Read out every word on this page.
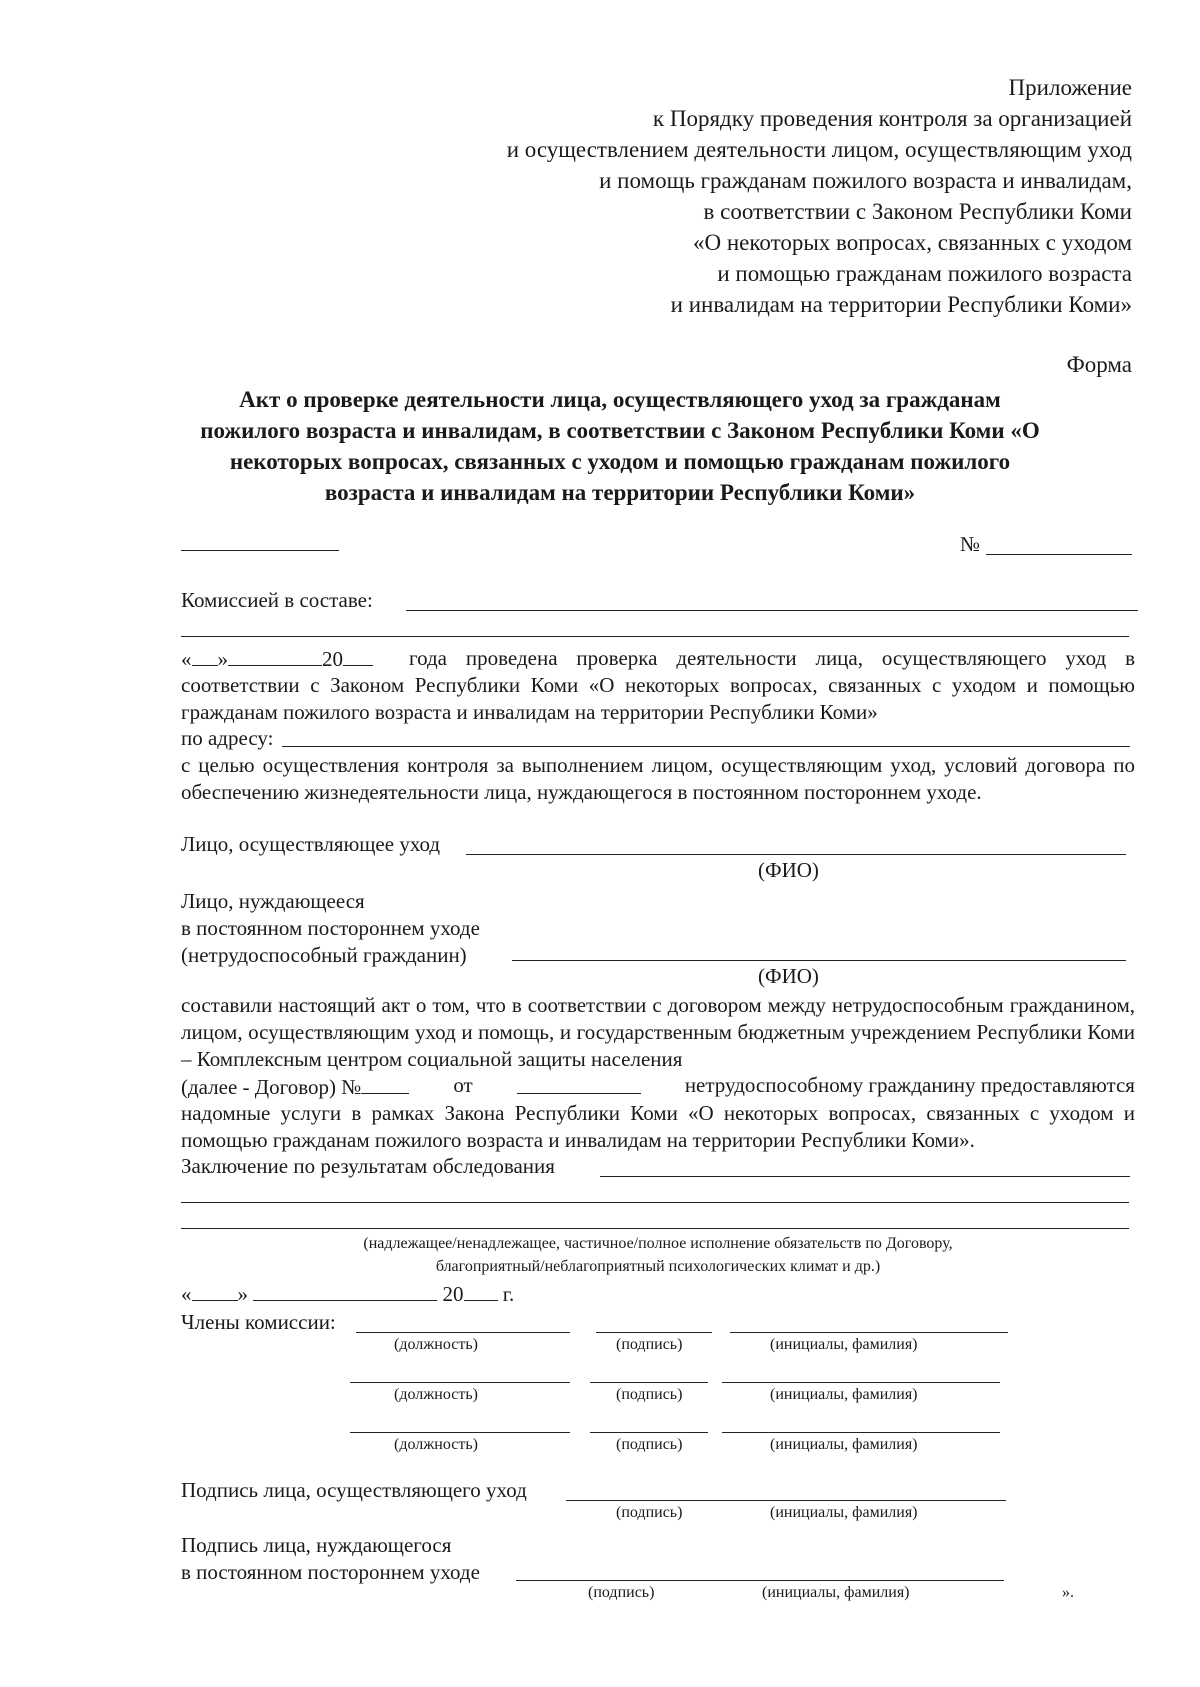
Приложение
к Порядку проведения контроля за организацией
и осуществлением деятельности лицом, осуществляющим уход
и помощь гражданам пожилого возраста и инвалидам,
в соответствии с Законом Республики Коми
«О некоторых вопросах, связанных с уходом
и помощью гражданам пожилого возраста
и инвалидам на территории Республики Коми»
Форма
Акт о проверке деятельности лица, осуществляющего уход за гражданам пожилого возраста и инвалидам, в соответствии с Законом Республики Коми «О некоторых вопросах, связанных с уходом и помощью гражданам пожилого возраста и инвалидам на территории Республики Коми»
№
Комиссией в составе:
« »	20	года проведена проверка деятельности лица, осуществляющего уход в соответствии с Законом Республики Коми «О некоторых вопросах, связанных с уходом и помощью гражданам пожилого возраста и инвалидам на территории Республики Коми»
по адресу:
с целью осуществления контроля за выполнением лицом, осуществляющим уход, условий договора по обеспечению жизнедеятельности лица, нуждающегося в постоянном постороннем уходе.
Лицо, осуществляющее уход
(ФИО)
Лицо, нуждающееся
в постоянном постороннем уходе
(нетрудоспособный гражданин)
(ФИО)
составили настоящий акт о том, что в соответствии с договором между нетрудоспособным гражданином, лицом, осуществляющим уход и помощь, и государственным бюджетным учреждением Республики Коми – Комплексным центром социальной защиты населения
(далее - Договор) №	от	нетрудоспособному гражданину предоставляются
надомные услуги в рамках Закона Республики Коми «О некоторых вопросах, связанных с уходом и помощью гражданам пожилого возраста и инвалидам на территории Республики Коми».
Заключение по результатам обследования
(надлежащее/ненадлежащее, частичное/полное исполнение обязательств по Договору,
благоприятный/неблагоприятный психологических климат и др.)
« »	20 г.
Члены комиссии:
(должность)	(подпись)	(инициалы, фамилия)
(должность)	(подпись)	(инициалы, фамилия)
(должность)	(подпись)	(инициалы, фамилия)
Подпись лица, осуществляющего уход
(подпись)	(инициалы, фамилия)
Подпись лица, нуждающегося
в постоянном постороннем уходе
(подпись)	(инициалы, фамилия)	».
